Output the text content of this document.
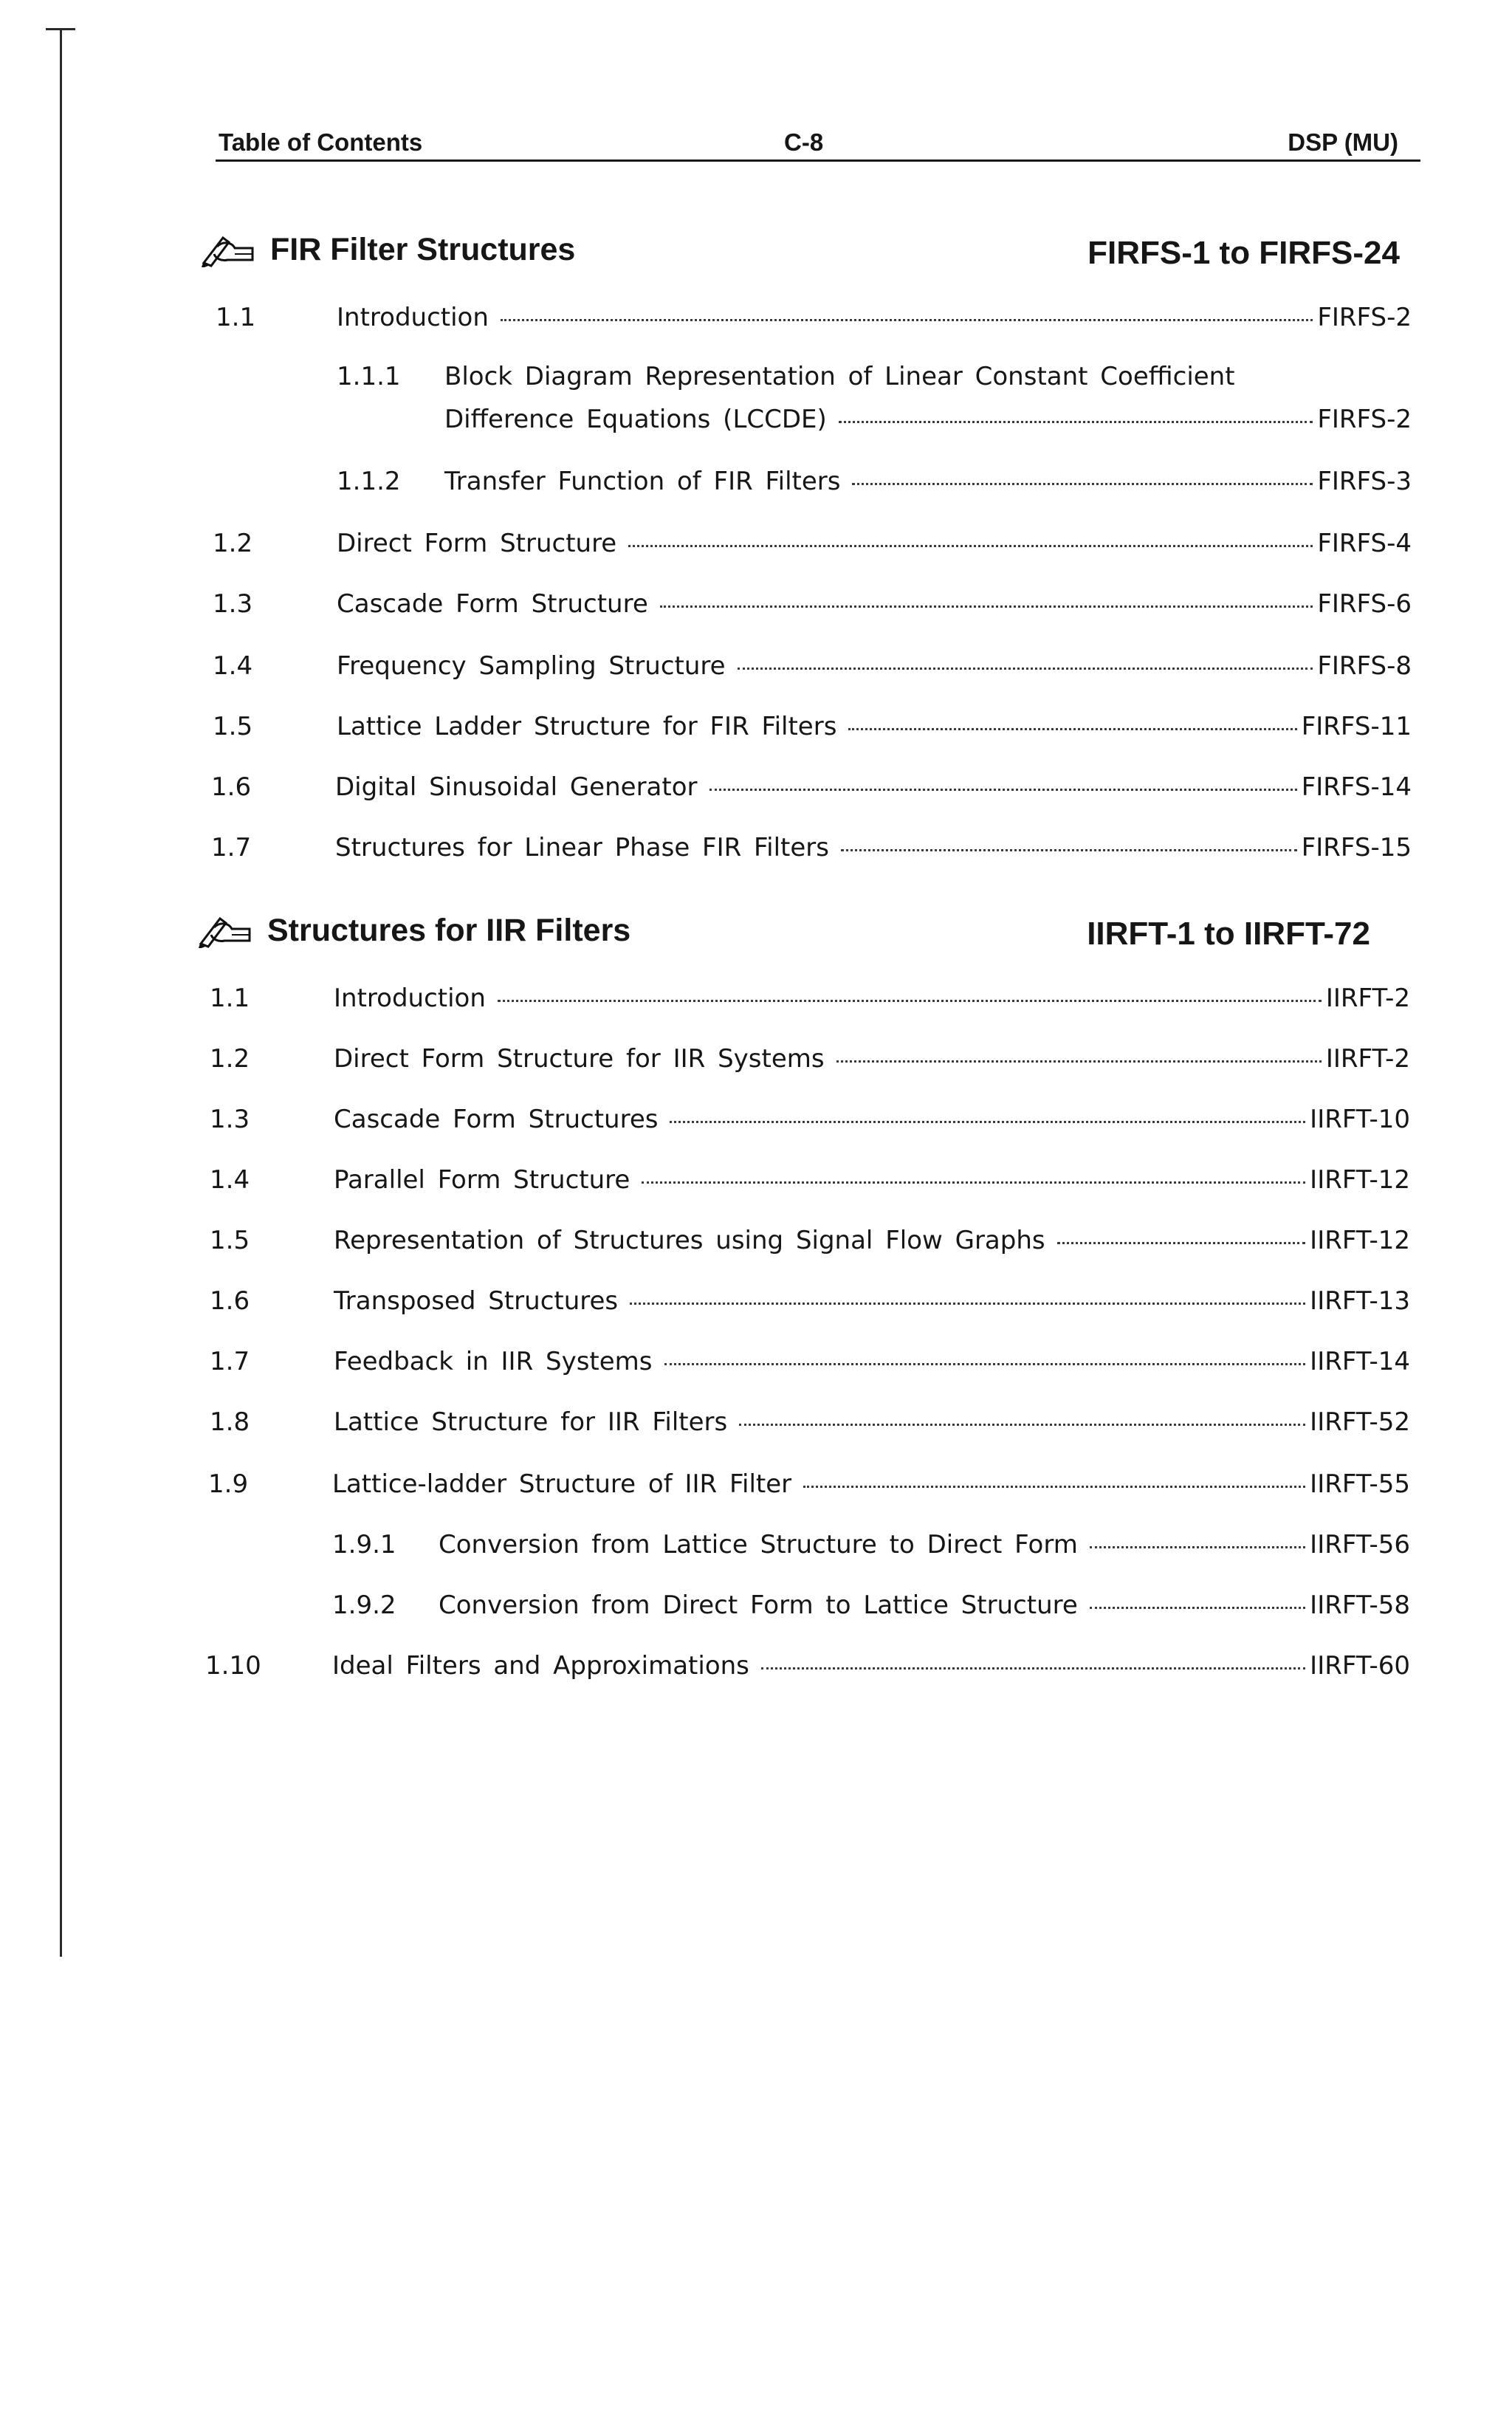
Table of Contents	C-8	DSP (MU)
FIR Filter Structures	FIRFS-1 to FIRFS-24
1.1	Introduction	FIRFS-2
1.1.1 Block Diagram Representation of Linear Constant Coefficient
Difference Equations (LCCDE)	FIRFS-2
1.1.2 Transfer Function of FIR Filters	FIRFS-3
1.2	Direct Form Structure	FIRFS-4
1.3	Cascade Form Structure	FIRFS-6
1.4	Frequency Sampling Structure	FIRFS-8
1.5	Lattice Ladder Structure for FIR Filters	FIRFS-11
1.6	Digital Sinusoidal Generator	FIRFS-14
1.7	Structures for Linear Phase FIR Filters	FIRFS-15
Structures for IIR Filters	IIRFT-1 to IIRFT-72
1.1	Introduction	IIRFT-2
1.2	Direct Form Structure for IIR Systems	IIRFT-2
1.3	Cascade Form Structures	IIRFT-10
1.4	Parallel Form Structure	IIRFT-12
1.5	Representation of Structures using Signal Flow Graphs	IIRFT-12
1.6	Transposed Structures	IIRFT-13
1.7	Feedback in IIR Systems	IIRFT-14
1.8	Lattice Structure for IIR Filters	IIRFT-52
1.9	Lattice-ladder Structure of IIR Filter	IIRFT-55
1.9.1 Conversion from Lattice Structure to Direct Form	IIRFT-56
1.9.2 Conversion from Direct Form to Lattice Structure	IIRFT-58
1.10	Ideal Filters and Approximations	IIRFT-60
